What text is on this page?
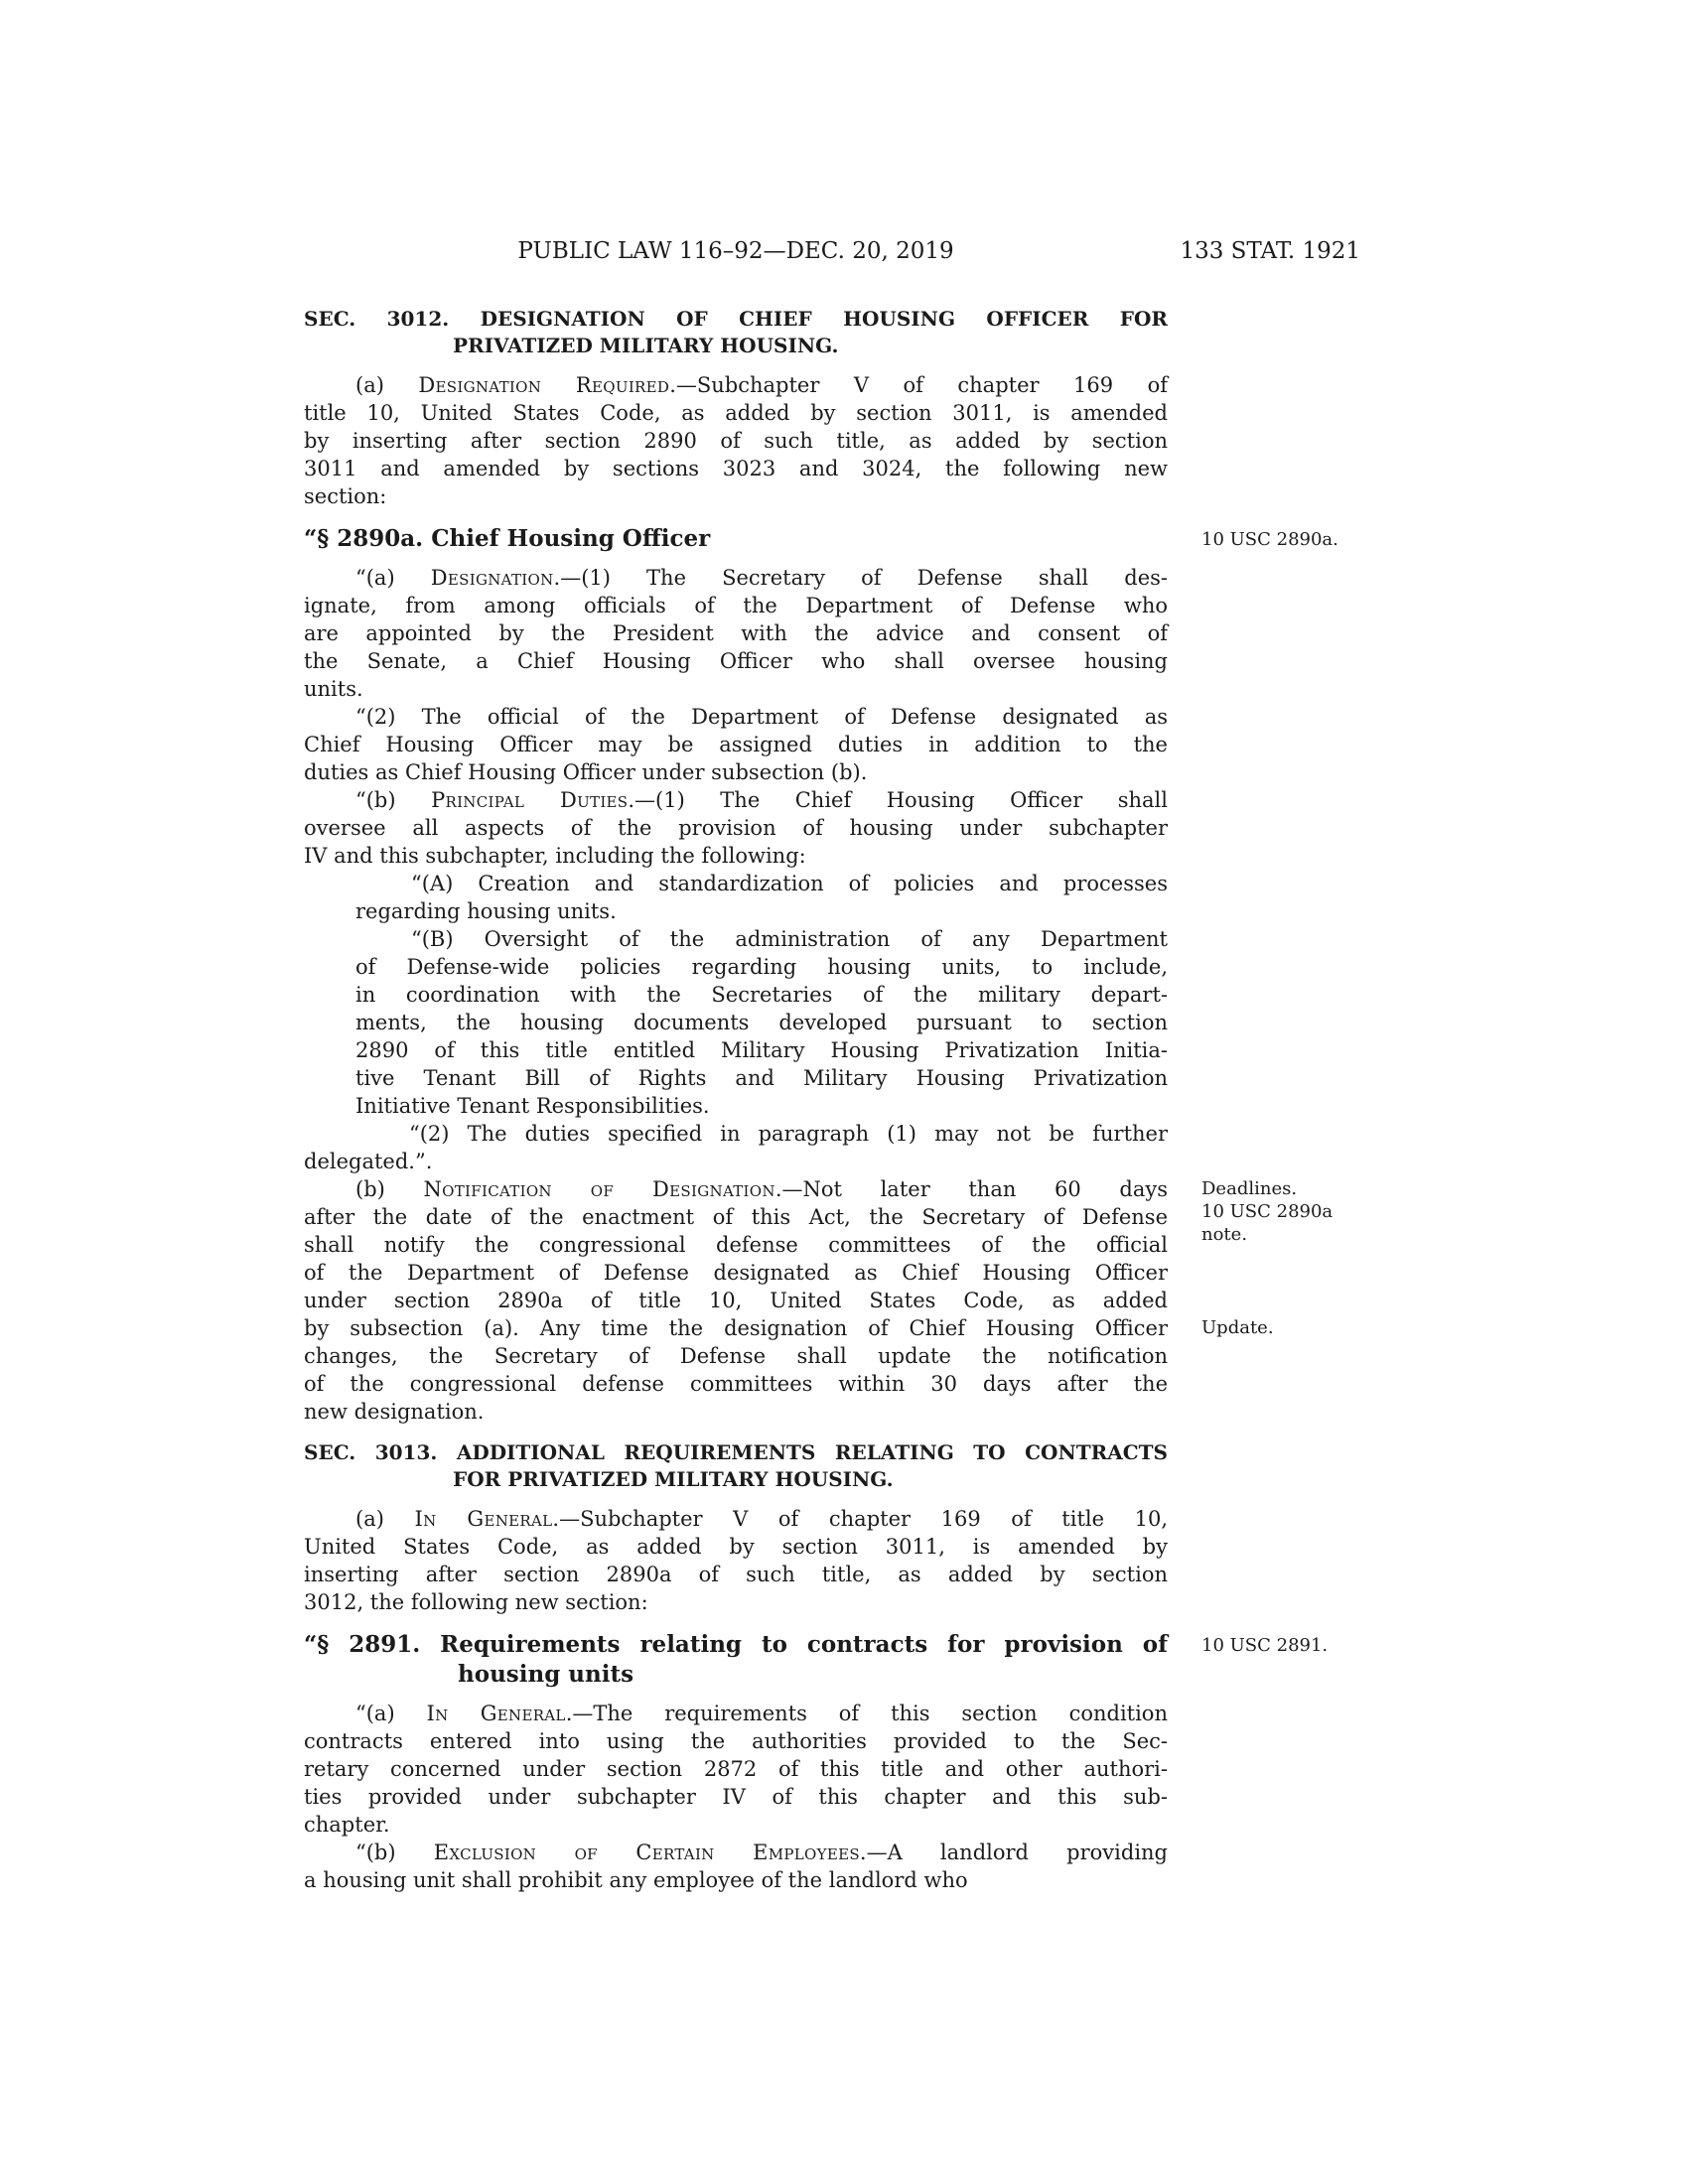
PUBLIC LAW 116–92—DEC. 20, 2019	133 STAT. 1921
SEC. 3012. DESIGNATION OF CHIEF HOUSING OFFICER FOR
PRIVATIZED MILITARY HOUSING.
(a) Designation Required.—Subchapter V of chapter 169 of
title 10, United States Code, as added by section 3011, is amended
by inserting after section 2890 of such title, as added by section
3011 and amended by sections 3023 and 3024, the following new
section:
“§ 2890a. Chief Housing Officer	10 USC 2890a.
“(a) Designation.—(1) The Secretary of Defense shall des-
ignate, from among officials of the Department of Defense who
are appointed by the President with the advice and consent of
the Senate, a Chief Housing Officer who shall oversee housing
units.
“(2) The official of the Department of Defense designated as
Chief Housing Officer may be assigned duties in addition to the
duties as Chief Housing Officer under subsection (b).
“(b) Principal Duties.—(1) The Chief Housing Officer shall
oversee all aspects of the provision of housing under subchapter
IV and this subchapter, including the following:
“(A) Creation and standardization of policies and processes
regarding housing units.
“(B) Oversight of the administration of any Department
of Defense-wide policies regarding housing units, to include,
in coordination with the Secretaries of the military depart-
ments, the housing documents developed pursuant to section
2890 of this title entitled Military Housing Privatization Initia-
tive Tenant Bill of Rights and Military Housing Privatization
Initiative Tenant Responsibilities.
“(2) The duties specified in paragraph (1) may not be further
delegated.”.
(b) Notification of Designation.—Not later than 60 days
after the date of the enactment of this Act, the Secretary of Defense
shall notify the congressional defense committees of the official
of the Department of Defense designated as Chief Housing Officer
under section 2890a of title 10, United States Code, as added
by subsection (a). Any time the designation of Chief Housing Officer
changes, the Secretary of Defense shall update the notification
of the congressional defense committees within 30 days after the
new designation.
Deadlines.
10 USC 2890a
note.
Update.
SEC. 3013. ADDITIONAL REQUIREMENTS RELATING TO CONTRACTS
FOR PRIVATIZED MILITARY HOUSING.
(a) In General.—Subchapter V of chapter 169 of title 10,
United States Code, as added by section 3011, is amended by
inserting after section 2890a of such title, as added by section
3012, the following new section:
“§ 2891. Requirements relating to contracts for provision of
housing units
10 USC 2891.
“(a) In General.—The requirements of this section condition
contracts entered into using the authorities provided to the Sec-
retary concerned under section 2872 of this title and other authori-
ties provided under subchapter IV of this chapter and this sub-
chapter.
“(b) Exclusion of Certain Employees.—A landlord providing
a housing unit shall prohibit any employee of the landlord who
